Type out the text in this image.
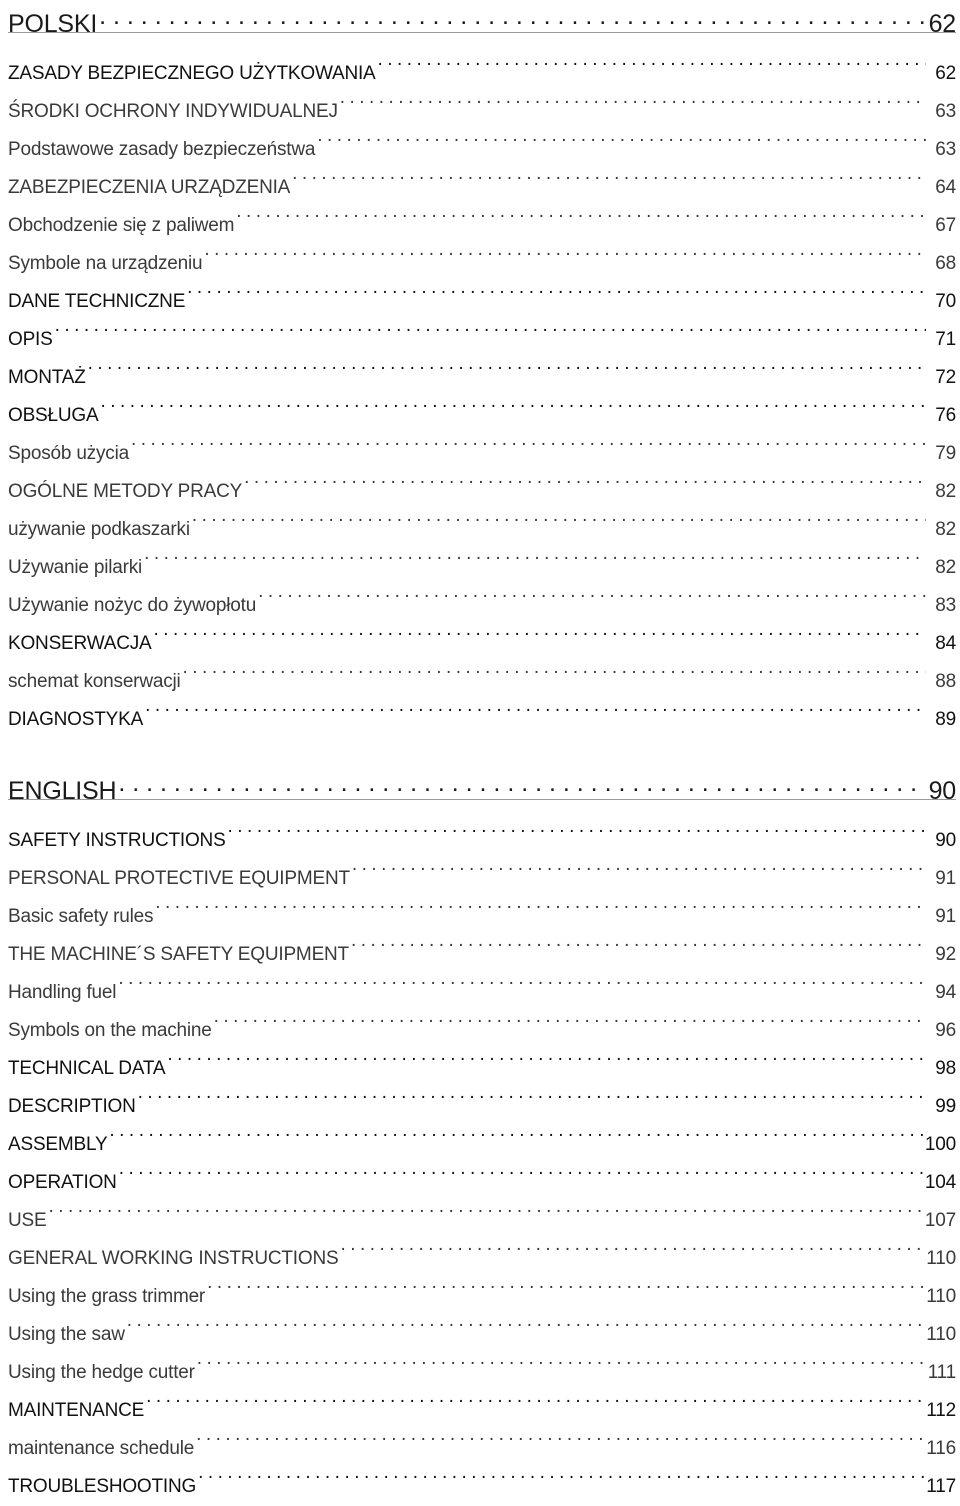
POLSKI . . .	62
ZASADY BEZPIECZNEGO UŻYTKOWANIA . . .	62
ŚRODKI OCHRONY INDYWIDUALNEJ . . .	63
Podstawowe zasady bezpieczeństwa . . .	63
ZABEZPIECZENIA URZĄDZENIA . . .	64
Obchodzenie się z paliwem . . .	67
Symbole na urządzeniu . . .	68
DANE TECHNICZNE . . .	70
OPIS . . .	71
MONTAŻ . . .	72
OBSŁUGA . . .	76
Sposób użycia . . .	79
OGÓLNE METODY PRACY . . .	82
używanie podkaszarki . . .	82
Używanie pilarki . . .	82
Używanie nożyc do żywopłotu . . .	83
KONSERWACJA . . .	84
schemat konserwacji . . .	88
DIAGNOSTYKA . . .	89
ENGLISH . . .	90
SAFETY INSTRUCTIONS . . .	90
PERSONAL PROTECTIVE EQUIPMENT . . .	91
Basic safety rules . . .	91
THE MACHINE´S SAFETY EQUIPMENT . . .	92
Handling fuel . . .	94
Symbols on the machine . . .	96
TECHNICAL DATA . . .	98
DESCRIPTION . . .	99
ASSEMBLY . . .	100
OPERATION . . .	104
USE . . .	107
GENERAL WORKING INSTRUCTIONS . . .	110
Using the grass trimmer . . .	110
Using the saw . . .	110
Using the hedge cutter . . .	111
MAINTENANCE . . .	112
maintenance schedule . . .	116
TROUBLESHOOTING . . .	117
